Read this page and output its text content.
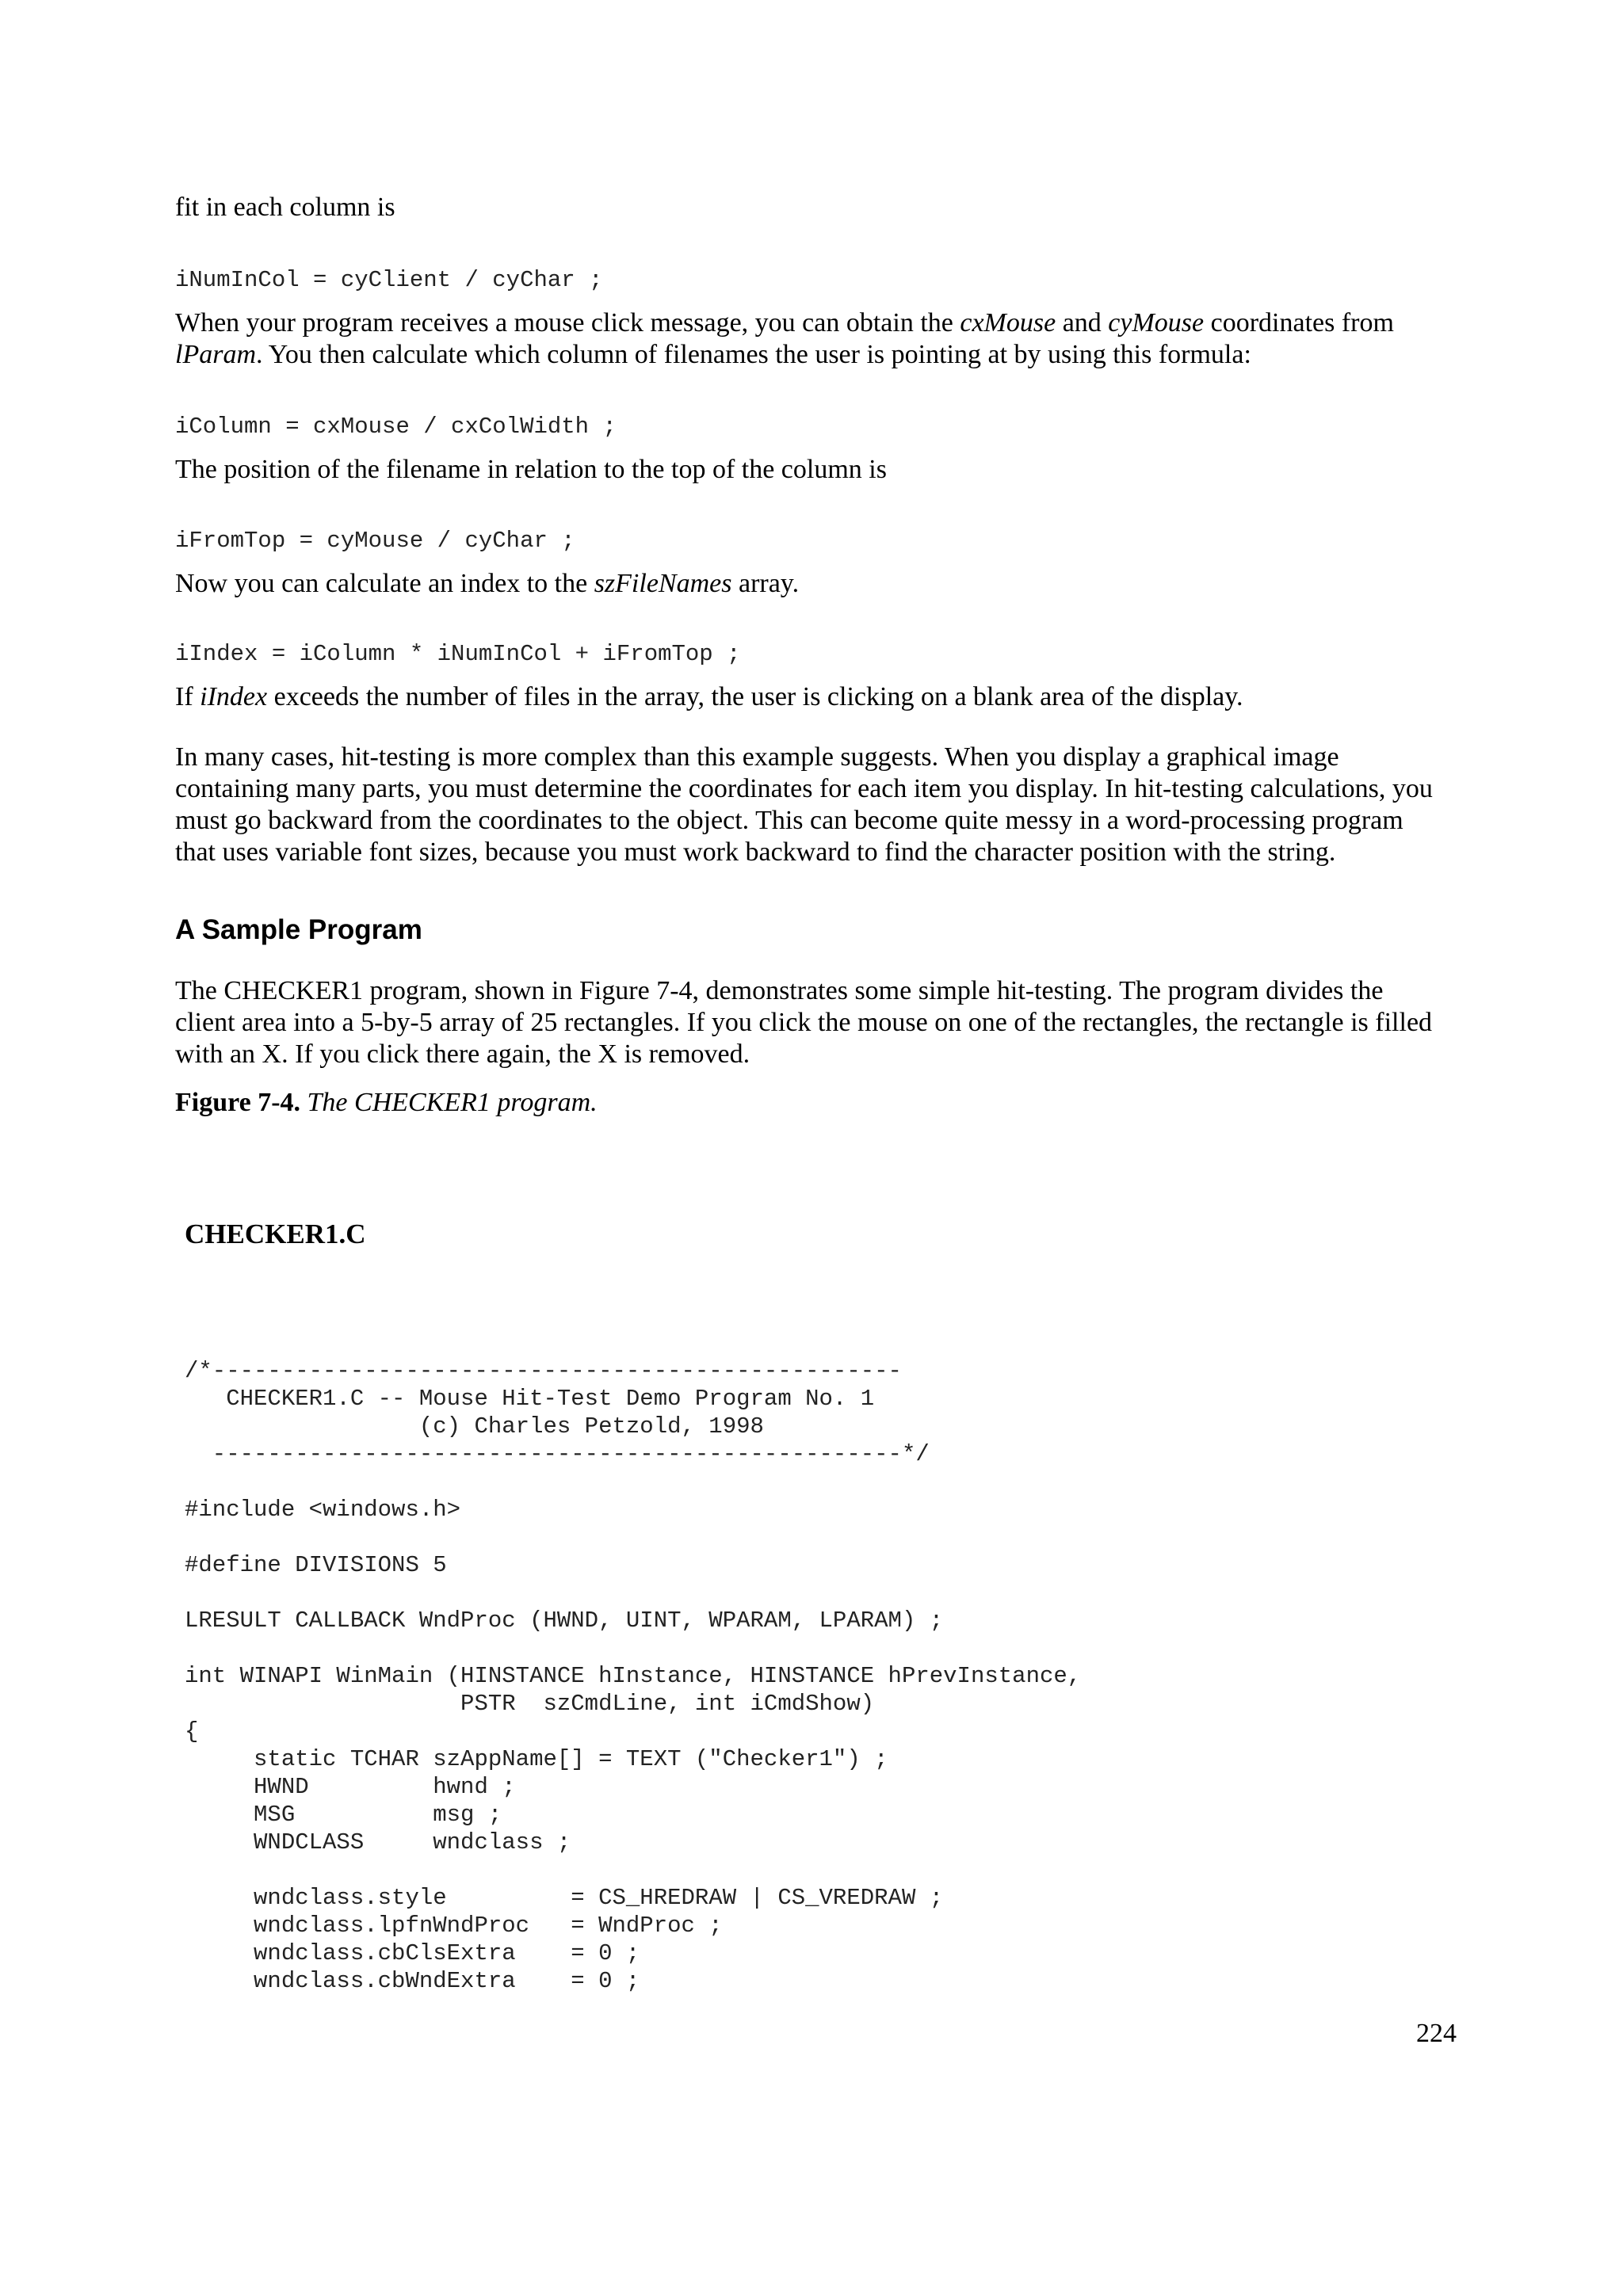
fit in each column is

iNumInCol = cyClient / cyChar ;

When your program receives a mouse click message, you can obtain the cxMouse and cyMouse coordinates from
lParam. You then calculate which column of filenames the user is pointing at by using this formula:

iColumn = cxMouse / cxColWidth ;

The position of the filename in relation to the top of the column is

iFromTop = cyMouse / cyChar ;

Now you can calculate an index to the szFileNames array.

iIndex = iColumn * iNumInCol + iFromTop ;

If iIndex exceeds the number of files in the array, the user is clicking on a blank area of the display.

In many cases, hit-testing is more complex than this example suggests. When you display a graphical image
containing many parts, you must determine the coordinates for each item you display. In hit-testing calculations, you
must go backward from the coordinates to the object. This can become quite messy in a word-processing program
that uses variable font sizes, because you must work backward to find the character position with the string.

A Sample Program

The CHECKER1 program, shown in Figure 7-4, demonstrates some simple hit-testing. The program divides the
client area into a 5-by-5 array of 25 rectangles. If you click the mouse on one of the rectangles, the rectangle is filled
with an X. If you click there again, the X is removed.

Figure 7-4. The CHECKER1 program.

CHECKER1.C

/*--------------------------------------------------
CHECKER1.C -- Mouse Hit-Test Demo Program No. 1
(c) Charles Petzold, 1998
--------------------------------------------------*/

#include <windows.h>

#define DIVISIONS 5

LRESULT CALLBACK WndProc (HWND, UINT, WPARAM, LPARAM) ;

int WINAPI WinMain (HINSTANCE hInstance, HINSTANCE hPrevInstance,
PSTR  szCmdLine, int iCmdShow)
{
static TCHAR szAppName[] = TEXT ("Checker1") ;
HWND         hwnd ;
MSG          msg ;
WNDCLASS     wndclass ;

wndclass.style         = CS_HREDRAW | CS_VREDRAW ;
wndclass.lpfnWndProc   = WndProc ;
wndclass.cbClsExtra    = 0 ;
wndclass.cbWndExtra    = 0 ;
224
